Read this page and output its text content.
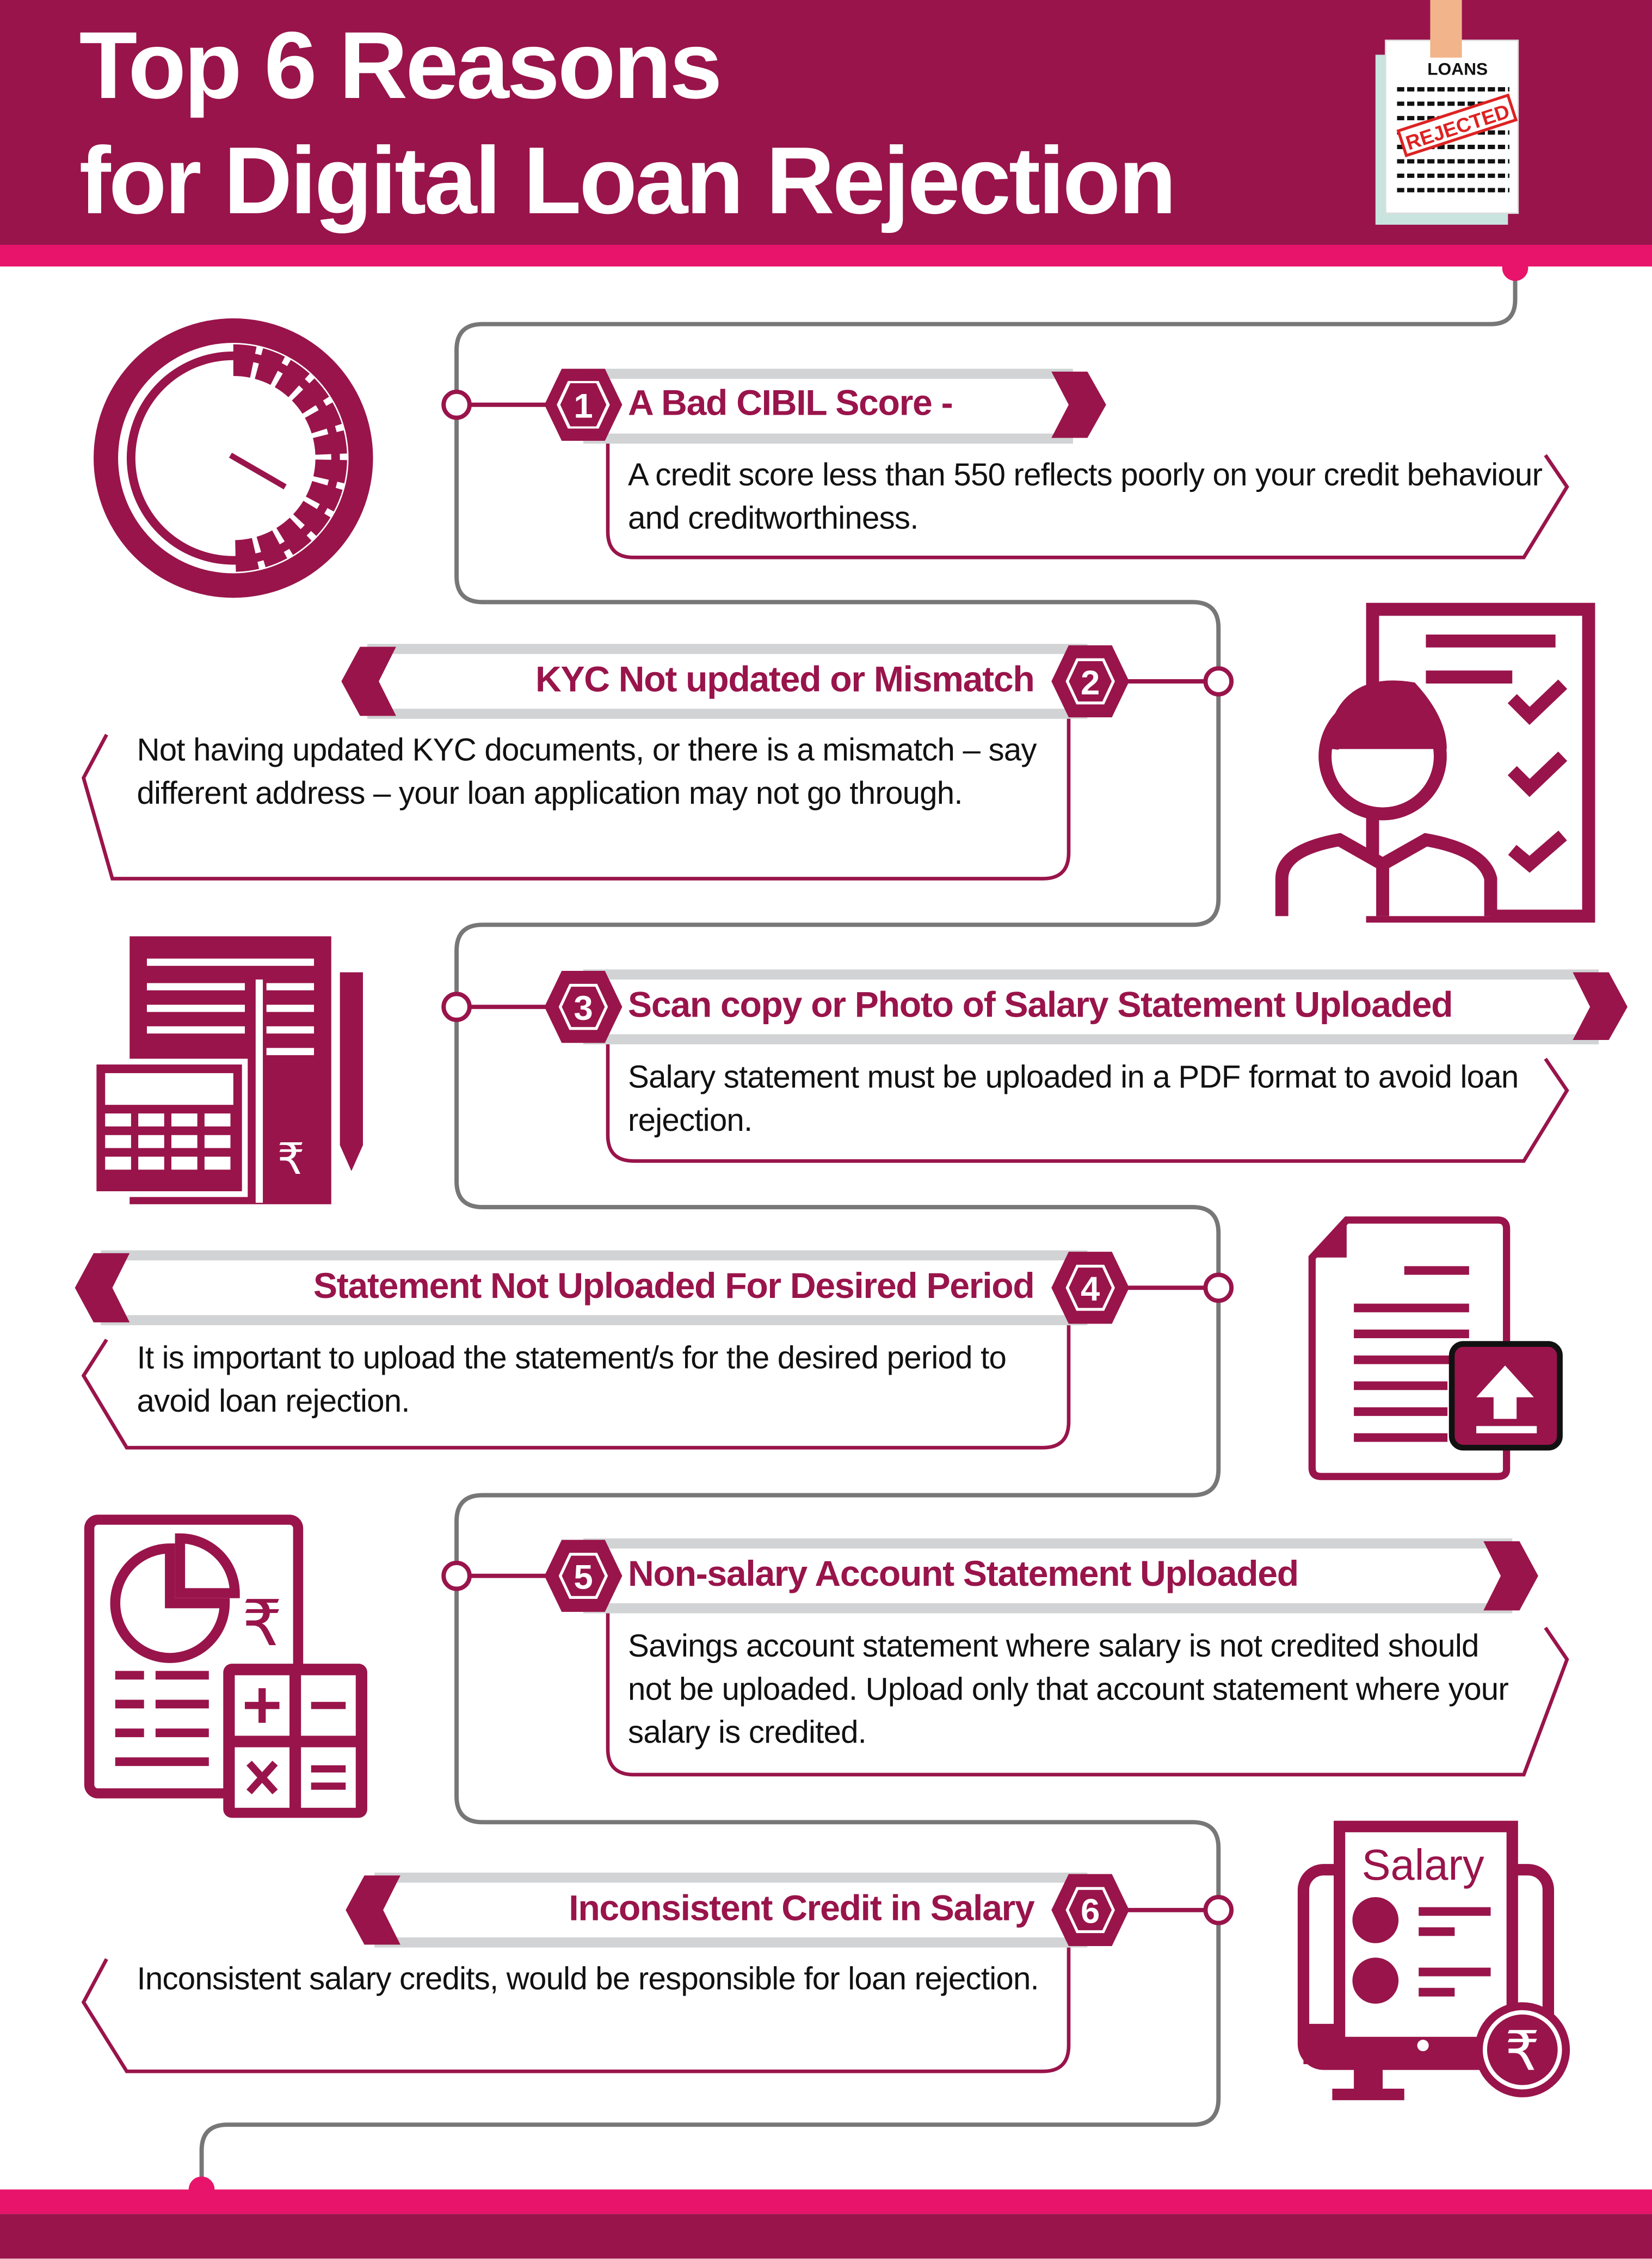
Top 6 Reasons
for Digital Loan Rejection
1
3
5
2
4
6
LOANS
REJECTED
₹
₹
Salary
₹
A Bad CIBIL Score -
A credit score less than 550 reflects poorly on your credit behaviour and creditworthiness.
KYC Not updated or Mismatch
Not having updated KYC documents, or there is a mismatch – say different address – your loan application may not go through.
Scan copy or Photo of Salary Statement Uploaded
Salary statement must be uploaded in a PDF format to avoid loan rejection.
Statement Not Uploaded For Desired Period
It is important to upload the statement/s for the desired period to avoid loan rejection.
Non-salary Account Statement Uploaded
Savings account statement where salary is not credited should not be uploaded. Upload only that account statement where your salary is credited.
Inconsistent Credit in Salary
Inconsistent salary credits, would be responsible for loan rejection.
